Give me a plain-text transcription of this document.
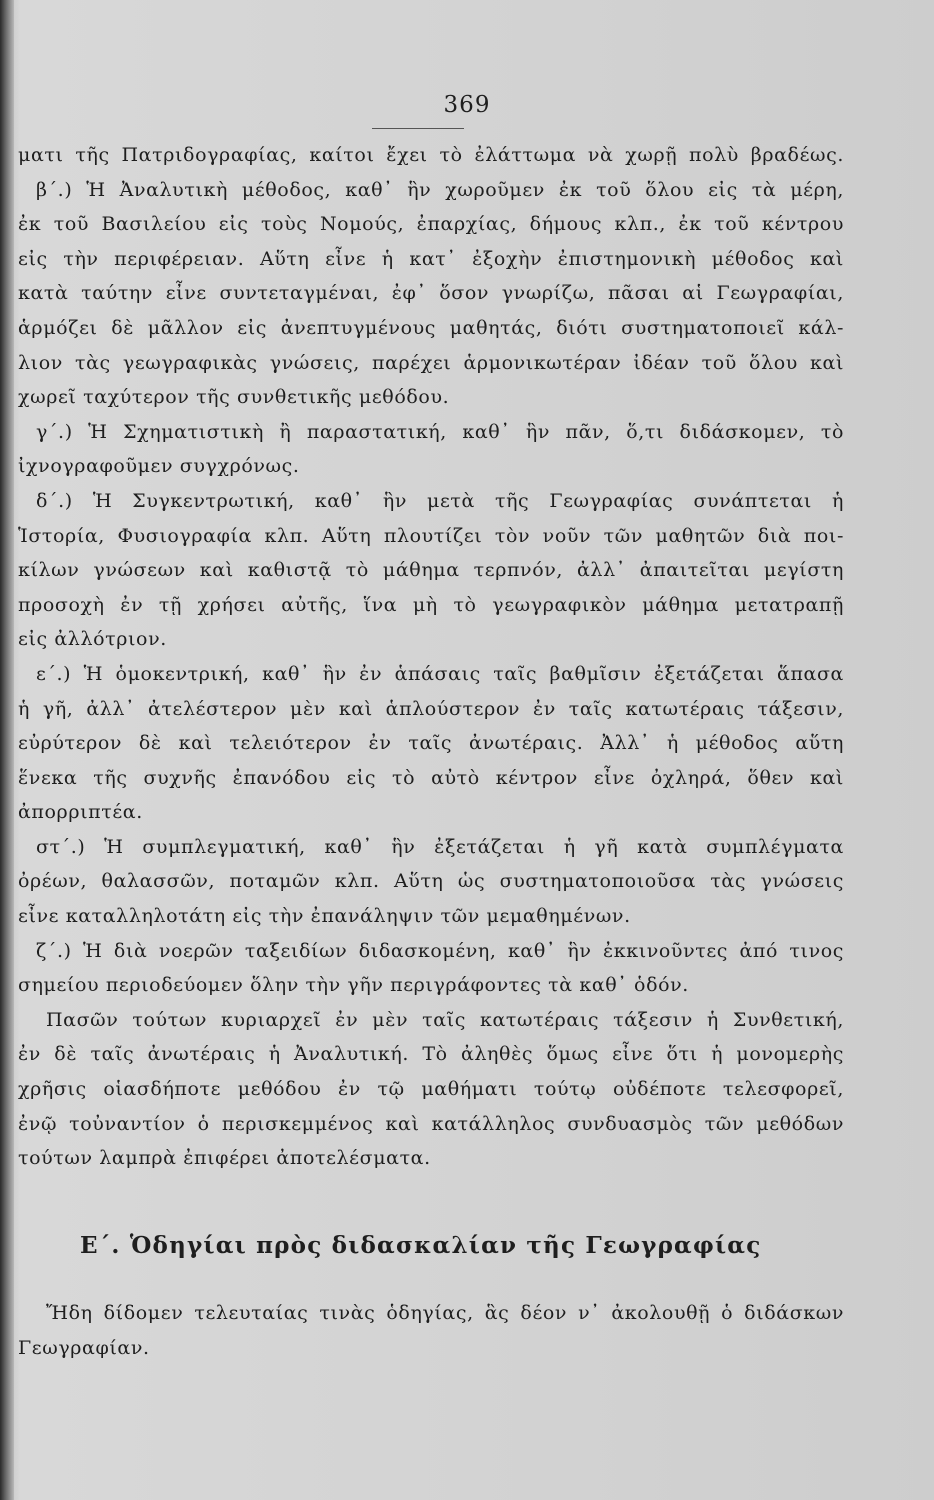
369
ματι τῆς Πατριδογραφίας, καίτοι ἔχει τὸ ἐλάττωμα νὰ χωρῇ πολὺ βραδέως.
β΄.) Ἡ Ἀναλυτικὴ μέθοδος, καθ᾽ ἣν χωροῦμεν ἐκ τοῦ ὅλου εἰς τὰ μέρη,
ἐκ τοῦ Βασιλείου εἰς τοὺς Νομούς, ἐπαρχίας, δήμους κλπ., ἐκ τοῦ κέντρου
εἰς τὴν περιφέρειαν. Αὕτη εἶνε ἡ κατ᾽ ἐξοχὴν ἐπιστημονικὴ μέθοδος καὶ
κατὰ ταύτην εἶνε συντεταγμέναι, ἐφ᾽ ὅσον γνωρίζω, πᾶσαι αἱ Γεωγραφίαι,
ἁρμόζει δὲ μᾶλλον εἰς ἀνεπτυγμένους μαθητάς, διότι συστηματοποιεῖ κάλ-
λιον τὰς γεωγραφικὰς γνώσεις, παρέχει ἁρμονικωτέραν ἰδέαν τοῦ ὅλου καὶ
χωρεῖ ταχύτερον τῆς συνθετικῆς μεθόδου.
γ΄.) Ἡ Σχηματιστικὴ ἢ παραστατική, καθ᾽ ἣν πᾶν, ὅ,τι διδάσκομεν, τὸ
ἰχνογραφοῦμεν συγχρόνως.
δ΄.) Ἡ Συγκεντρωτική, καθ᾽ ἣν μετὰ τῆς Γεωγραφίας συνάπτεται ἡ
Ἱστορία, Φυσιογραφία κλπ. Αὕτη πλουτίζει τὸν νοῦν τῶν μαθητῶν διὰ ποι-
κίλων γνώσεων καὶ καθιστᾷ τὸ μάθημα τερπνόν, ἀλλ᾽ ἀπαιτεῖται μεγίστη
προσοχὴ ἐν τῇ χρήσει αὐτῆς, ἵνα μὴ τὸ γεωγραφικὸν μάθημα μετατραπῇ
εἰς ἀλλότριον.
ε΄.) Ἡ ὁμοκεντρική, καθ᾽ ἣν ἐν ἁπάσαις ταῖς βαθμῖσιν ἐξετάζεται ἅπασα
ἡ γῆ, ἀλλ᾽ ἀτελέστερον μὲν καὶ ἁπλούστερον ἐν ταῖς κατωτέραις τάξεσιν,
εὐρύτερον δὲ καὶ τελειότερον ἐν ταῖς ἀνωτέραις. Ἀλλ᾽ ἡ μέθοδος αὕτη
ἕνεκα τῆς συχνῆς ἐπανόδου εἰς τὸ αὐτὸ κέντρον εἶνε ὀχληρά, ὅθεν καὶ
ἀπορριπτέα.
στ΄.) Ἡ συμπλεγματική, καθ᾽ ἣν ἐξετάζεται ἡ γῆ κατὰ συμπλέγματα
ὀρέων, θαλασσῶν, ποταμῶν κλπ. Αὕτη ὡς συστηματοποιοῦσα τὰς γνώσεις
εἶνε καταλληλοτάτη εἰς τὴν ἐπανάληψιν τῶν μεμαθημένων.
ζ΄.) Ἡ διὰ νοερῶν ταξειδίων διδασκομένη, καθ᾽ ἣν ἐκκινοῦντες ἀπό τινος
σημείου περιοδεύομεν ὅλην τὴν γῆν περιγράφοντες τὰ καθ᾽ ὁδόν.
Πασῶν τούτων κυριαρχεῖ ἐν μὲν ταῖς κατωτέραις τάξεσιν ἡ Συνθετική,
ἐν δὲ ταῖς ἀνωτέραις ἡ Ἀναλυτική. Τὸ ἀληθὲς ὅμως εἶνε ὅτι ἡ μονομερὴς
χρῆσις οἱασδήποτε μεθόδου ἐν τῷ μαθήματι τούτῳ οὐδέποτε τελεσφορεῖ,
ἐνῷ τοὐναντίον ὁ περισκεμμένος καὶ κατάλληλος συνδυασμὸς τῶν μεθόδων
τούτων λαμπρὰ ἐπιφέρει ἀποτελέσματα.
Ε΄. Ὁδηγίαι πρὸς διδασκαλίαν τῆς Γεωγραφίας
Ἤδη δίδομεν τελευταίας τινὰς ὁδηγίας, ἃς δέον ν᾽ ἀκολουθῇ ὁ διδάσκων
Γεωγραφίαν.
